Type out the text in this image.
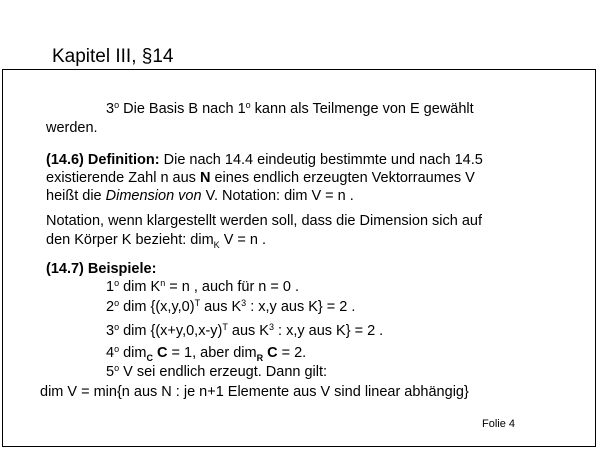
Kapitel III, §14
3$^o$ Die Basis B nach 1$^o$ kann als Teilmenge von E gewählt
werden.
(14.6) Definition: Die nach 14.4 eindeutig bestimmte und nach 14.5
existierende Zahl n aus N eines endlich erzeugten Vektorraumes V
heißt die Dimension von V. Notation: dim V = n .
Notation, wenn klargestellt werden soll, dass die Dimension sich auf
den Körper K bezieht: dim$_K$ V = n .
(14.7) Beispiele:
1$^o$ dim $K^n = n$ , auch für n = 0 .
2$^o$ dim {$(x,y,0)^T$ aus $K^3$ : x,y aus K} = 2 .
3$^o$ dim {$(x+y,0,x-y)^T$ aus $K^3$ : x,y aus K} = 2 .
4$^o$ dim$_C$ C = 1, aber dim$_R$ C = 2.
5$^o$ V sei endlich erzeugt. Dann gilt:
dim V = min{n aus N : je n+1 Elemente aus V sind linear abhängig}
Folie 4
